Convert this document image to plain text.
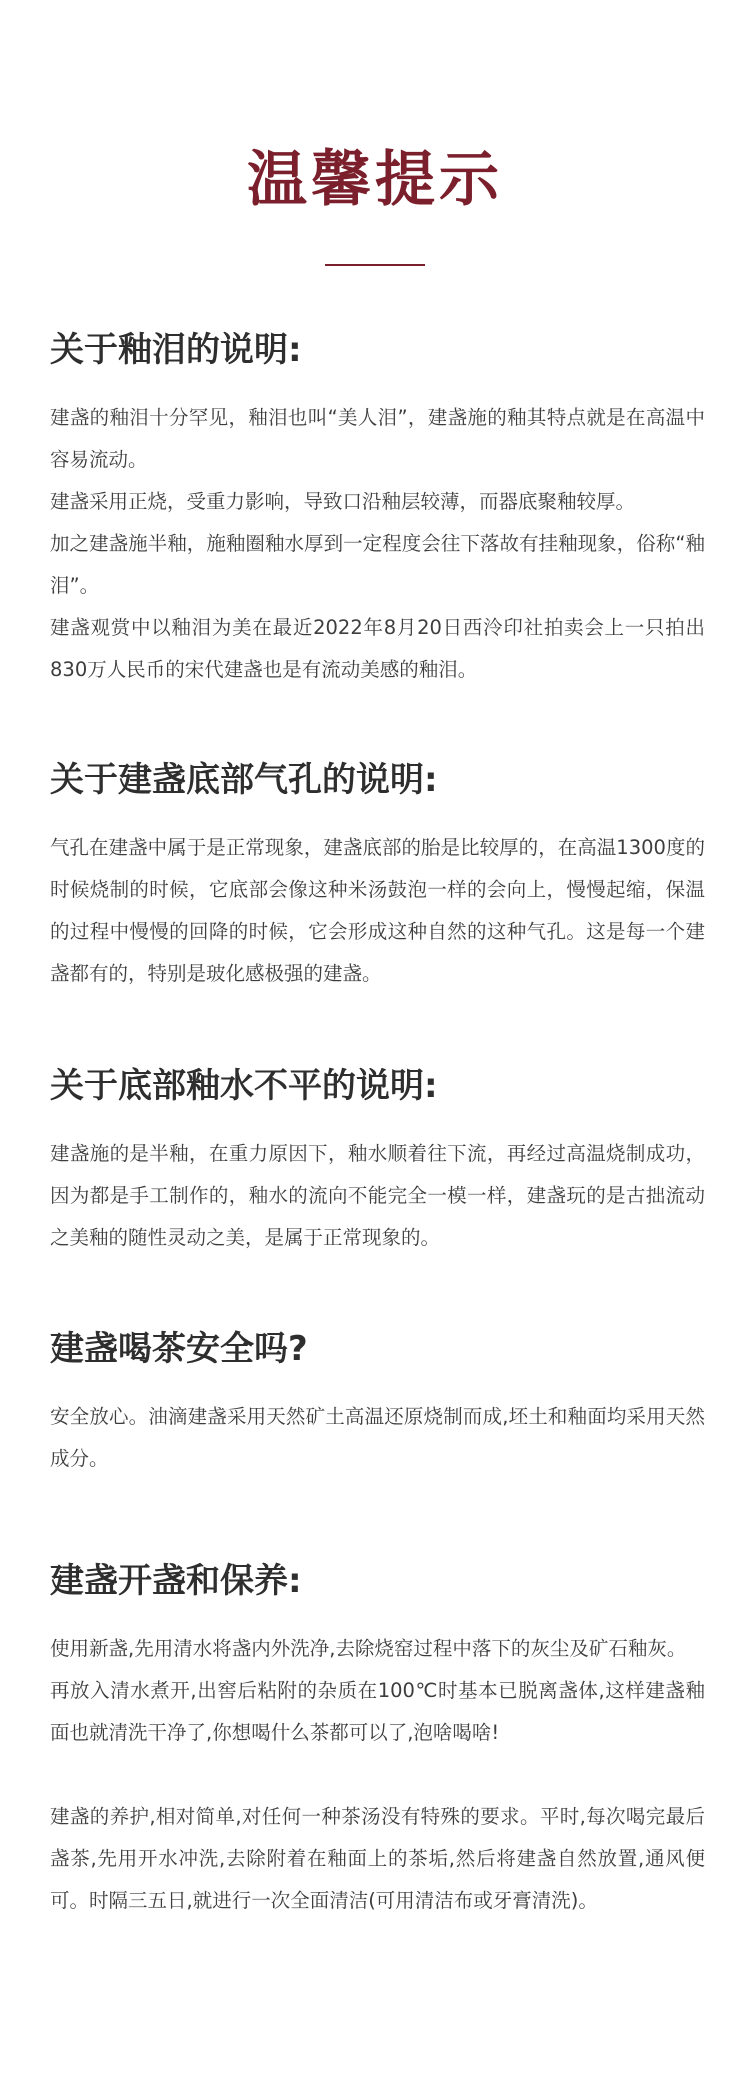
温馨提示
关于釉泪的说明:

建盏的釉泪十分罕见，釉泪也叫“美人泪”，建盏施的釉其特点就是在高温中容易流动。

建盏采用正烧，受重力影响，导致口沿釉层较薄，而器底聚釉较厚。

加之建盏施半釉，施釉圈釉水厚到一定程度会往下落故有挂釉现象，俗称“釉泪”。

建盏观赏中以釉泪为美在最近2022年8月20日西泠印社拍卖会上一只拍出830万人民币的宋代建盏也是有流动美感的釉泪。

关于建盏底部气孔的说明:

气孔在建盏中属于是正常现象，建盏底部的胎是比较厚的，在高温1300度的时候烧制的时候，它底部会像这种米汤鼓泡一样的会向上，慢慢起缩，保温的过程中慢慢的回降的时候，它会形成这种自然的这种气孔。这是每一个建盏都有的，特别是玻化感极强的建盏。

关于底部釉水不平的说明:

建盏施的是半釉，在重力原因下，釉水顺着往下流，再经过高温烧制成功，因为都是手工制作的，釉水的流向不能完全一模一样，建盏玩的是古拙流动之美釉的随性灵动之美，是属于正常现象的。

建盏喝茶安全吗?

安全放心。油滴建盏采用天然矿土高温还原烧制而成,坯土和釉面均采用天然成分。

建盏开盏和保养:

使用新盏,先用清水将盏内外洗净,去除烧窑过程中落下的灰尘及矿石釉灰。

再放入清水煮开,出窖后粘附的杂质在100℃时基本已脱离盏体,这样建盏釉面也就清洗干净了,你想喝什么茶都可以了,泡啥喝啥!

建盏的养护,相对简单,对任何一种茶汤没有特殊的要求。平时,每次喝完最后盏茶,先用开水冲洗,去除附着在釉面上的茶垢,然后将建盏自然放置,通风便可。时隔三五日,就进行一次全面清洁(可用清洁布或牙膏清洗)。
